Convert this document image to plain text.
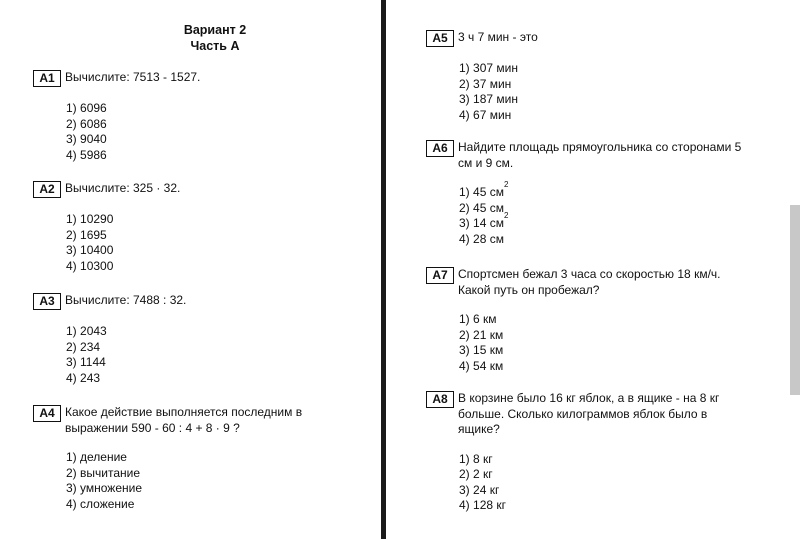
Вариант 2
Часть А
А1 Вычислите: 7513 - 1527.
1)
6096
2)
6086
3)
9040
4)
5986
А2 Вычислите: 325 · 32.
1)
10290
2)
1695
3)
10400
4)
10300
А3 Вычислите: 7488 : 32.
1)
2043
2)
234
3)
1144
4)
243
А4 Какое действие выполняется последним в выражении 590 - 60 : 4 + 8 · 9 ?
1)
деление
2)
вычитание
3)
умножение
4)
сложение
А5 3 ч 7 мин - это
1)
307 мин
2)
37 мин
3)
187 мин
4)
67 мин
А6 Найдите площадь прямоугольника со сторонами 5 см и 9 см.
1)
45 см
2
2)
45 см
3)
14 см
2
4)
28 см
А7 Спортсмен бежал 3 часа со скоростью 18 км/ч. Какой путь он пробежал?
1)
6 км
2)
21 км
3)
15 км
4)
54 км
А8 В корзине было 16 кг яблок, а в ящике - на 8 кг больше. Сколько килограммов яблок было в ящике?
1)
8 кг
2)
2 кг
3)
24 кг
4)
128 кг
